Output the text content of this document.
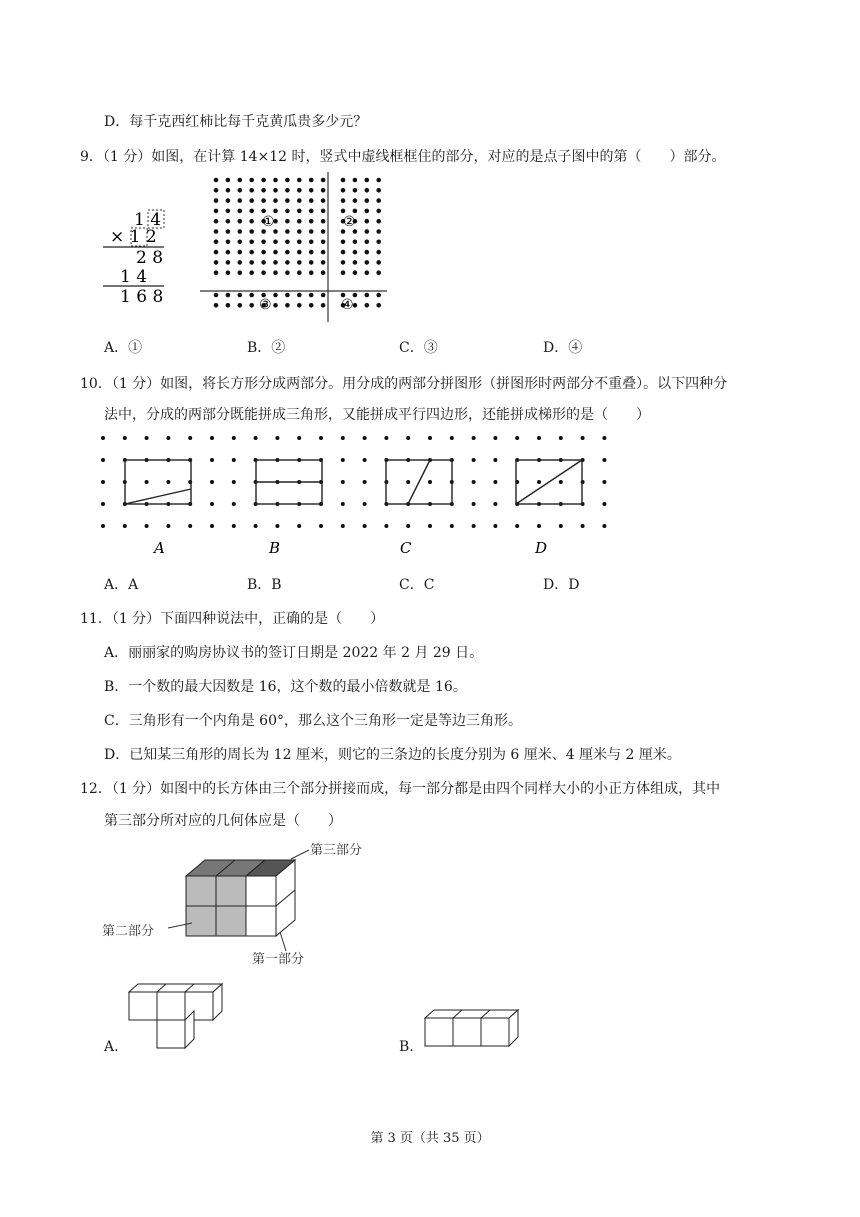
D．每千克西红柿比每千克黄瓜贵多少元？
9．（1 分）如图，在计算 14×12 时，竖式中虚线框框住的部分，对应的是点子图中的第（　　）部分。
1 4
× 1 2
2 8
1 4
1 6 8
①	②
③	④
A．①	B．②	C．③	D．④
10．（1 分）如图，将长方形分成两部分。用分成的两部分拼图形（拼图形时两部分不重叠）。以下四种分
法中，分成的两部分既能拼成三角形，又能拼成平行四边形，还能拼成梯形的是（　　）
A	B	C	D
A．A	B．B	C．C	D．D
11．（1 分）下面四种说法中，正确的是（　　）
A．丽丽家的购房协议书的签订日期是 2022 年 2 月 29 日。
B．一个数的最大因数是 16，这个数的最小倍数就是 16。
C．三角形有一个内角是 60°，那么这个三角形一定是等边三角形。
D．已知某三角形的周长为 12 厘米，则它的三条边的长度分别为 6 厘米、4 厘米与 2 厘米。
12．（1 分）如图中的长方体由三个部分拼接而成，每一部分都是由四个同样大小的小正方体组成，其中
第三部分所对应的几何体应是（　　）
第三部分
第二部分
第一部分
A.	B.
第 3 页（共 35 页）
